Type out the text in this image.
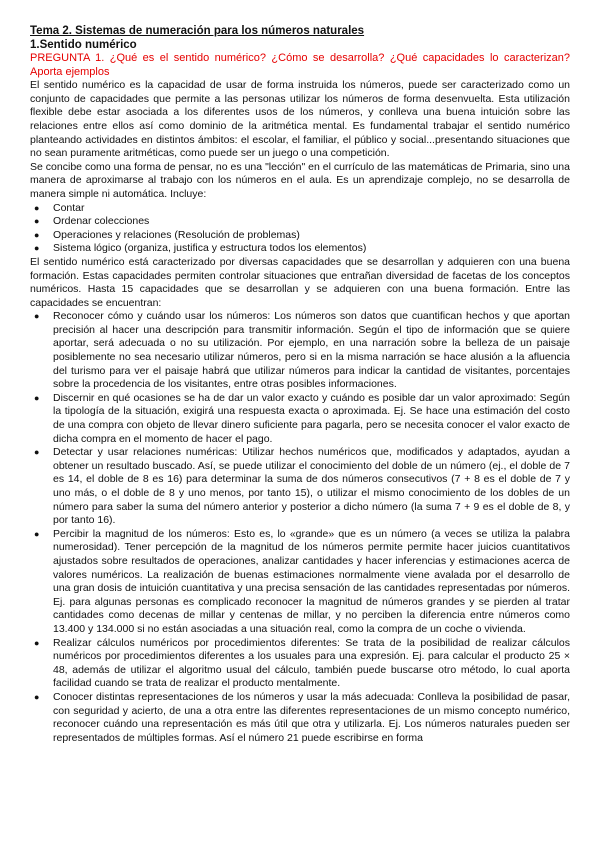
Tema 2. Sistemas de numeración para los números naturales
1.Sentido numérico

PREGUNTA 1. ¿Qué es el sentido numérico? ¿Cómo se desarrolla? ¿Qué capacidades lo caracterizan? Aporta ejemplos

El sentido numérico es la capacidad de usar de forma instruida los números, puede ser caracterizado como un conjunto de capacidades que permite a las personas utilizar los números de forma desenvuelta. Esta utilización flexible debe estar asociada a los diferentes usos de los números, y conlleva una buena intuición sobre las relaciones entre ellos así como dominio de la aritmética mental. Es fundamental trabajar el sentido numérico planteando actividades en distintos ámbitos: el escolar, el familiar, el público y social...presentando situaciones que no sean puramente aritméticas, como puede ser un juego o una competición.

Se concibe como una forma de pensar, no es una "lección" en el currículo de las matemáticas de Primaria, sino una manera de aproximarse al trabajo con los números en el aula. Es un aprendizaje complejo, no se desarrolla de manera simple ni automática. Incluye:

● Contar
● Ordenar colecciones
● Operaciones y relaciones (Resolución de problemas)
● Sistema lógico (organiza, justifica y estructura todos los elementos)

El sentido numérico está caracterizado por diversas capacidades que se desarrollan y adquieren con una buena formación. Estas capacidades permiten controlar situaciones que entrañan diversidad de facetas de los conceptos numéricos. Hasta 15 capacidades que se desarrollan y se adquieren con una buena formación. Entre las capacidades se encuentran:

● Reconocer cómo y cuándo usar los números: Los números son datos que cuantifican hechos y que aportan precisión al hacer una descripción para transmitir información. Según el tipo de información que se quiere aportar, será adecuada o no su utilización. Por ejemplo, en una narración sobre la belleza de un paisaje posiblemente no sea necesario utilizar números, pero si en la misma narración se hace alusión a la afluencia del turismo para ver el paisaje habrá que utilizar números para indicar la cantidad de visitantes, porcentajes sobre la procedencia de los visitantes, entre otras posibles informaciones.
● Discernir en qué ocasiones se ha de dar un valor exacto y cuándo es posible dar un valor aproximado: Según la tipología de la situación, exigirá una respuesta exacta o aproximada. Ej. Se hace una estimación del costo de una compra con objeto de llevar dinero suficiente para pagarla, pero se necesita conocer el valor exacto de dicha compra en el momento de hacer el pago.
● Detectar y usar relaciones numéricas: Utilizar hechos numéricos que, modificados y adaptados, ayudan a obtener un resultado buscado. Así, se puede utilizar el conocimiento del doble de un número (ej., el doble de 7 es 14, el doble de 8 es 16) para determinar la suma de dos números consecutivos (7 + 8 es el doble de 7 y uno más, o el doble de 8 y uno menos, por tanto 15), o utilizar el mismo conocimiento de los dobles de un número para saber la suma del número anterior y posterior a dicho número (la suma 7 + 9 es el doble de 8, y por tanto 16).
● Percibir la magnitud de los números: Esto es, lo «grande» que es un número (a veces se utiliza la palabra numerosidad). Tener percepción de la magnitud de los números permite permite hacer juicios cuantitativos ajustados sobre resultados de operaciones, analizar cantidades y hacer inferencias y estimaciones acerca de valores numéricos. La realización de buenas estimaciones normalmente viene avalada por el desarrollo de una gran dosis de intuición cuantitativa y una precisa sensación de las cantidades representadas por números. Ej. para algunas personas es complicado reconocer la magnitud de números grandes y se pierden al tratar cantidades como decenas de millar y centenas de millar, y no perciben la diferencia entre números como 13.400 y 134.000 si no están asociadas a una situación real, como la compra de un coche o vivienda.
● Realizar cálculos numéricos por procedimientos diferentes: Se trata de la posibilidad de realizar cálculos numéricos por procedimientos diferentes a los usuales para una expresión. Ej. para calcular el producto 25 × 48, además de utilizar el algoritmo usual del cálculo, también puede buscarse otro método, lo cual aporta facilidad cuando se trata de realizar el producto mentalmente.
● Conocer distintas representaciones de los números y usar la más adecuada: Conlleva la posibilidad de pasar, con seguridad y acierto, de una a otra entre las diferentes representaciones de un mismo concepto numérico, reconocer cuándo una representación es más útil que otra y utilizarla. Ej. Los números naturales pueden ser representados de múltiples formas. Así el número 21 puede escribirse en forma
